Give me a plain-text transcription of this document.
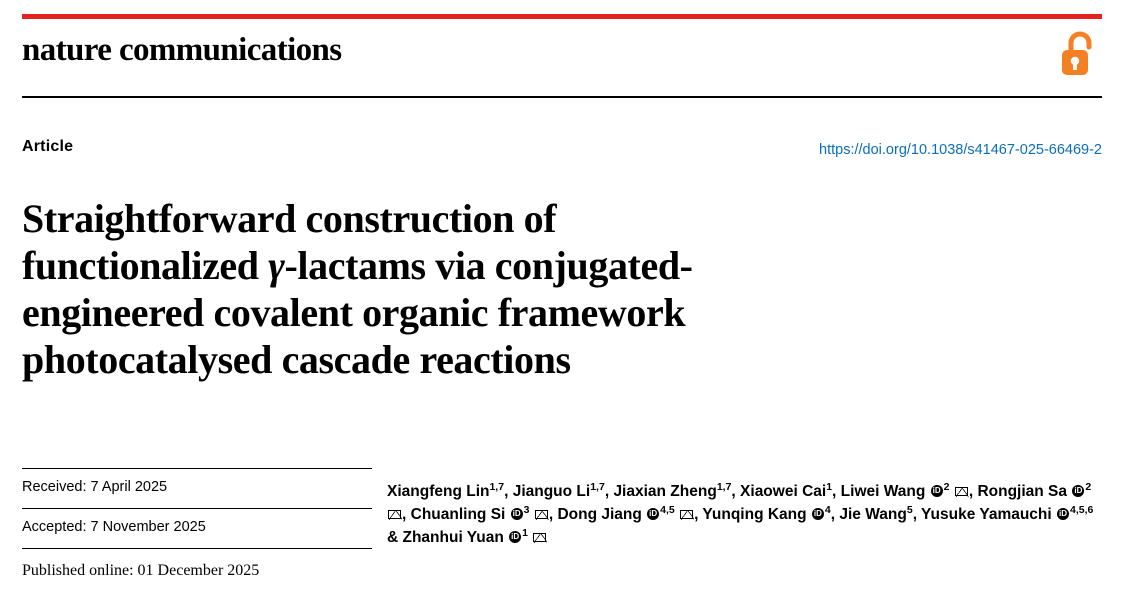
nature communications
Article	https://doi.org/10.1038/s41467-025-66469-2
Straightforward construction of
functionalized γ-lactams via conjugated-
engineered covalent organic framework
photocatalysed cascade reactions
Received: 7 April 2025
Accepted: 7 November 2025
Published online: 01 December 2025
Xiangfeng Lin$^{1,7}$, Jianguo Li$^{1,7}$, Jiaxian Zheng$^{1,7}$, Xiaowei Cai$^1$, Liwei Wang iD $^2$ , Rongjian Sa iD $^2$ , Chuanling Si iD $^3$ , Dong Jiang iD $^{4,5}$ , Yunqing Kang iD $^4$, Jie Wang$^5$, Yusuke Yamauchi iD $^{4,5,6}$ & Zhanhui Yuan iD $^1$
